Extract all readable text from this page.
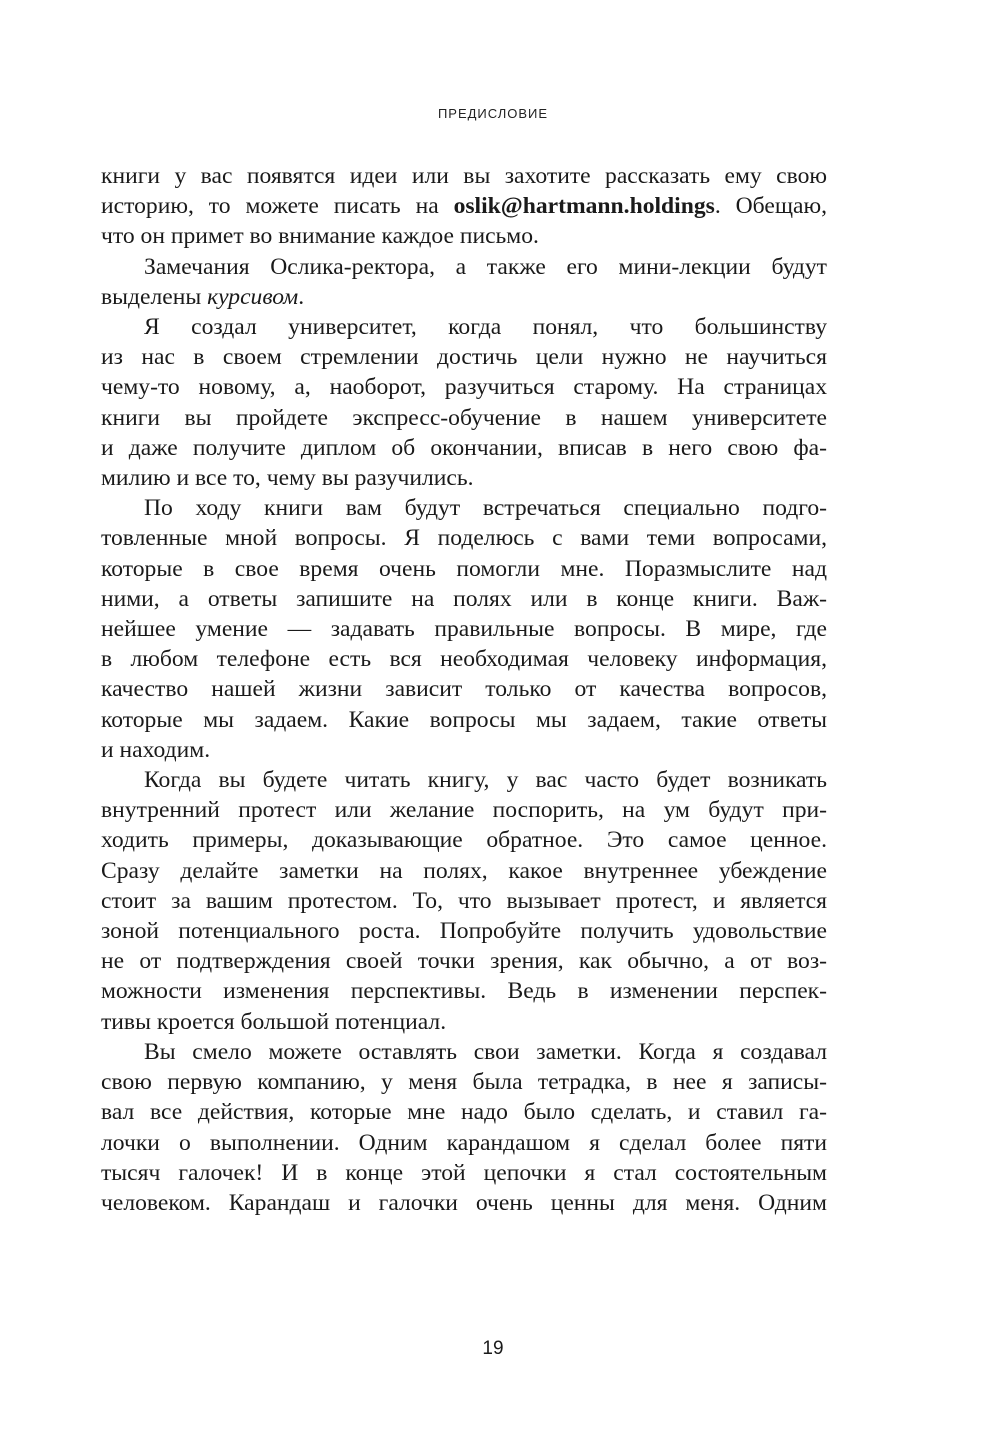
ПРЕДИСЛОВИЕ

книги у вас появятся идеи или вы захотите рассказать ему свою
историю, то можете писать на oslik@hartmann.holdings. Обещаю,
что он примет во внимание каждое письмо.

Замечания Ослика-ректора, а также его мини-лекции будут
выделены курсивом.

Я создал университет, когда понял, что большинству
из нас в своем стремлении достичь цели нужно не научиться
чему-то новому, а, наоборот, разучиться старому. На страницах
книги вы пройдете экспресс-обучение в нашем университете
и даже получите диплом об окончании, вписав в него свою фа-
милию и все то, чему вы разучились.

По ходу книги вам будут встречаться специально подго-
товленные мной вопросы. Я поделюсь с вами теми вопросами,
которые в свое время очень помогли мне. Поразмыслите над
ними, а ответы запишите на полях или в конце книги. Важ-
нейшее умение — задавать правильные вопросы. В мире, где
в любом телефоне есть вся необходимая человеку информация,
качество нашей жизни зависит только от качества вопросов,
которые мы задаем. Какие вопросы мы задаем, такие ответы
и находим.

Когда вы будете читать книгу, у вас часто будет возникать
внутренний протест или желание поспорить, на ум будут при-
ходить примеры, доказывающие обратное. Это самое ценное.
Сразу делайте заметки на полях, какое внутреннее убеждение
стоит за вашим протестом. То, что вызывает протест, и является
зоной потенциального роста. Попробуйте получить удовольствие
не от подтверждения своей точки зрения, как обычно, а от воз-
можности изменения перспективы. Ведь в изменении перспек-
тивы кроется большой потенциал.

Вы смело можете оставлять свои заметки. Когда я создавал
свою первую компанию, у меня была тетрадка, в нее я записы-
вал все действия, которые мне надо было сделать, и ставил га-
лочки о выполнении. Одним карандашом я сделал более пяти
тысяч галочек! И в конце этой цепочки я стал состоятельным
человеком. Карандаш и галочки очень ценны для меня. Одним

19
